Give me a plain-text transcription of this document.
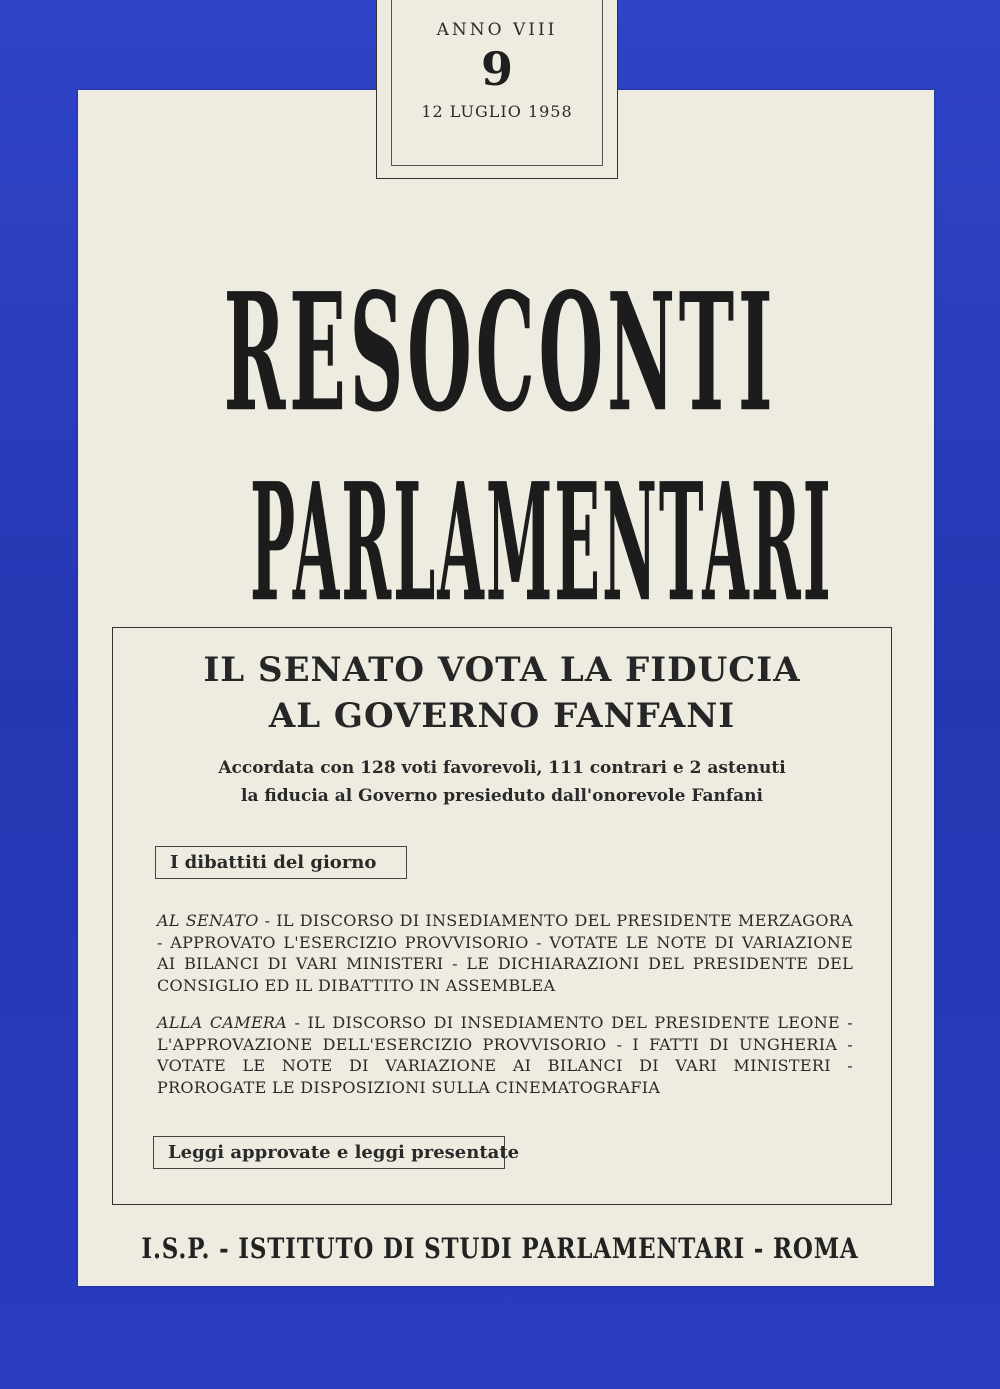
ANNO VIII
9
12 LUGLIO 1958
RESOCONTI
PARLAMENTARI
IL SENATO VOTA LA FIDUCIA
AL GOVERNO FANFANI
Accordata con 128 voti favorevoli, 111 contrari e 2 astenuti
la fiducia al Governo presieduto dall'onorevole Fanfani
I dibattiti del giorno
AL SENATO - IL DISCORSO DI INSEDIAMENTO DEL PRESIDENTE MERZAGORA - APPROVATO L'ESERCIZIO PROVVISORIO - VOTATE LE NOTE DI VARIAZIONE AI BILANCI DI VARI MINISTERI - LE DICHIARAZIONI DEL PRESIDENTE DEL CONSIGLIO ED IL DIBATTITO IN ASSEMBLEA
ALLA CAMERA - IL DISCORSO DI INSEDIAMENTO DEL PRESIDENTE LEONE - L'APPROVAZIONE DELL'ESERCIZIO PROVVISORIO - I FATTI DI UNGHERIA - VOTATE LE NOTE DI VARIAZIONE AI BILANCI DI VARI MINISTERI - PROROGATE LE DISPOSIZIONI SULLA CINEMATOGRAFIA
Leggi approvate e leggi presentate
I.S.P. - ISTITUTO DI STUDI PARLAMENTARI - ROMA
